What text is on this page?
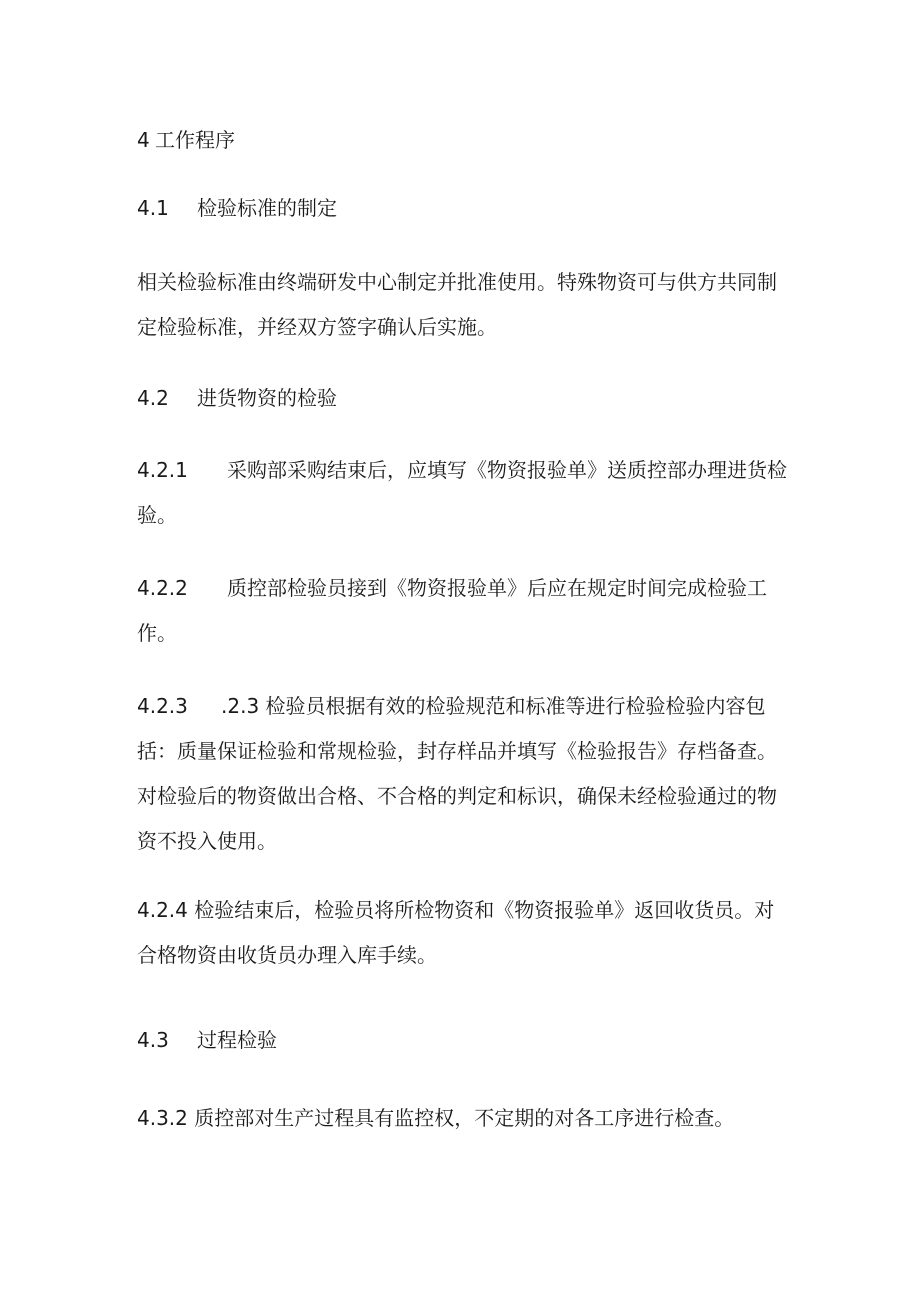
4 工作程序
4.1 检验标准的制定
相关检验标准由终端研发中心制定并批准使用。特殊物资可与供方共同制定检验标准，并经双方签字确认后实施。
4.2 进货物资的检验
4.2.1 采购部采购结束后，应填写《物资报验单》送质控部办理进货检验。
4.2.2 质控部检验员接到《物资报验单》后应在规定时间完成检验工作。
4.2.3 .2.3 检验员根据有效的检验规范和标准等进行检验检验内容包括：质量保证检验和常规检验，封存样品并填写《检验报告》存档备查。对检验后的物资做出合格、不合格的判定和标识，确保未经检验通过的物资不投入使用。
4.2.4 检验结束后，检验员将所检物资和《物资报验单》返回收货员。对合格物资由收货员办理入库手续。
4.3 过程检验
4.3.2 质控部对生产过程具有监控权，不定期的对各工序进行检查。
